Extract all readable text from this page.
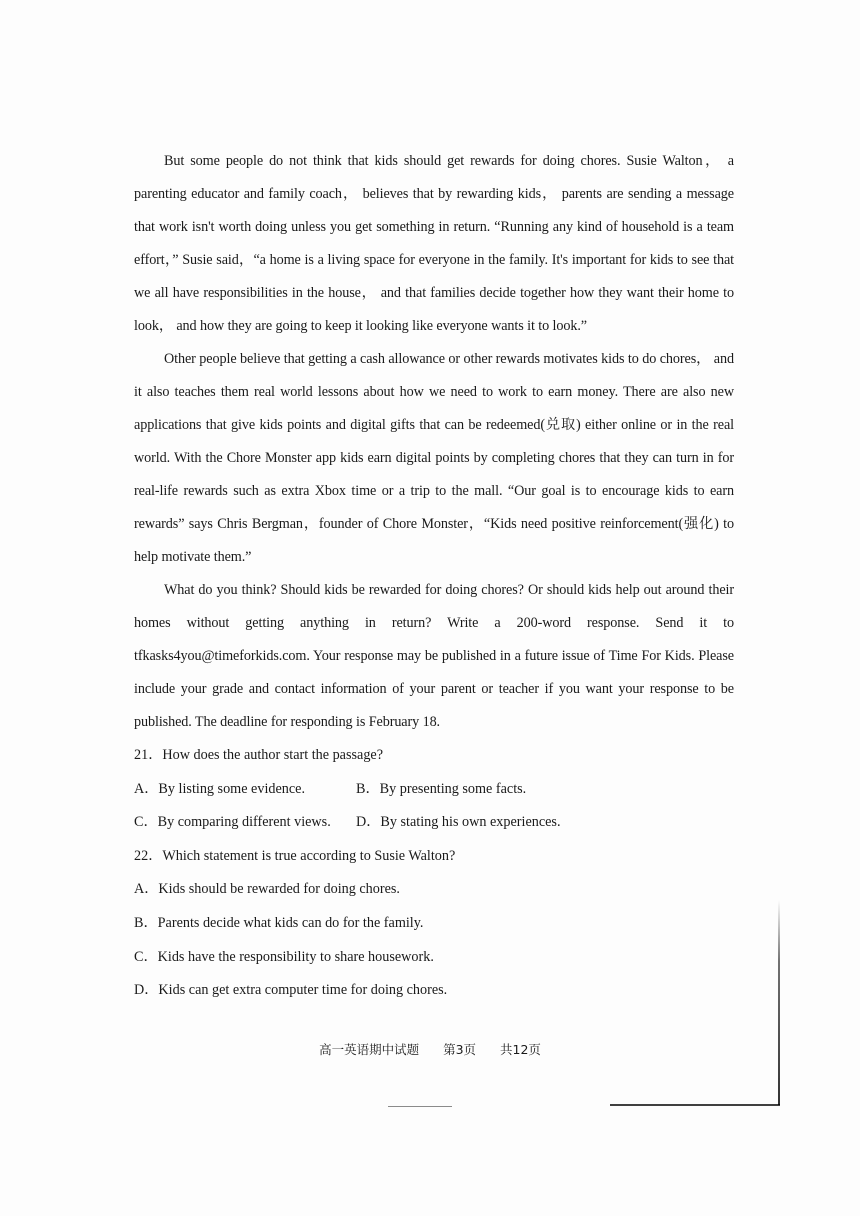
But some people do not think that kids should get rewards for doing chores. Susie Walton， a parenting educator and family coach， believes that by rewarding kids， parents are sending a message that work isn't worth doing unless you get something in return. “Running any kind of household is a team effort，” Susie said，“a home is a living space for everyone in the family. It's important for kids to see that we all have responsibilities in the house， and that families decide together how they want their home to look， and how they are going to keep it looking like everyone wants it to look.”

Other people believe that getting a cash allowance or other rewards motivates kids to do chores， and it also teaches them real world lessons about how we need to work to earn money. There are also new applications that give kids points and digital gifts that can be redeemed(兑取) either online or in the real world. With the Chore Monster app kids earn digital points by completing chores that they can turn in for real-life rewards such as extra Xbox time or a trip to the mall. “Our goal is to encourage kids to earn rewards” says Chris Bergman，founder of Chore Monster，“Kids need positive reinforcement(强化) to help motivate them.”

What do you think? Should kids be rewarded for doing chores? Or should kids help out around their homes without getting anything in return? Write a 200-word response. Send it to tfkasks4you@timeforkids.com. Your response may be published in a future issue of Time For Kids. Please include your grade and contact information of your parent or teacher if you want your response to be published. The deadline for responding is February 18.

21．How does the author start the passage?

A．By listing some evidence.	B．By presenting some facts.

C．By comparing different views. D．By stating his own experiences.

22．Which statement is true according to Susie Walton?

A．Kids should be rewarded for doing chores.

B．Parents decide what kids can do for the family.

C．Kids have the responsibility to share housework.

D．Kids can get extra computer time for doing chores.

高一英语期中试题 第3页 共12页
